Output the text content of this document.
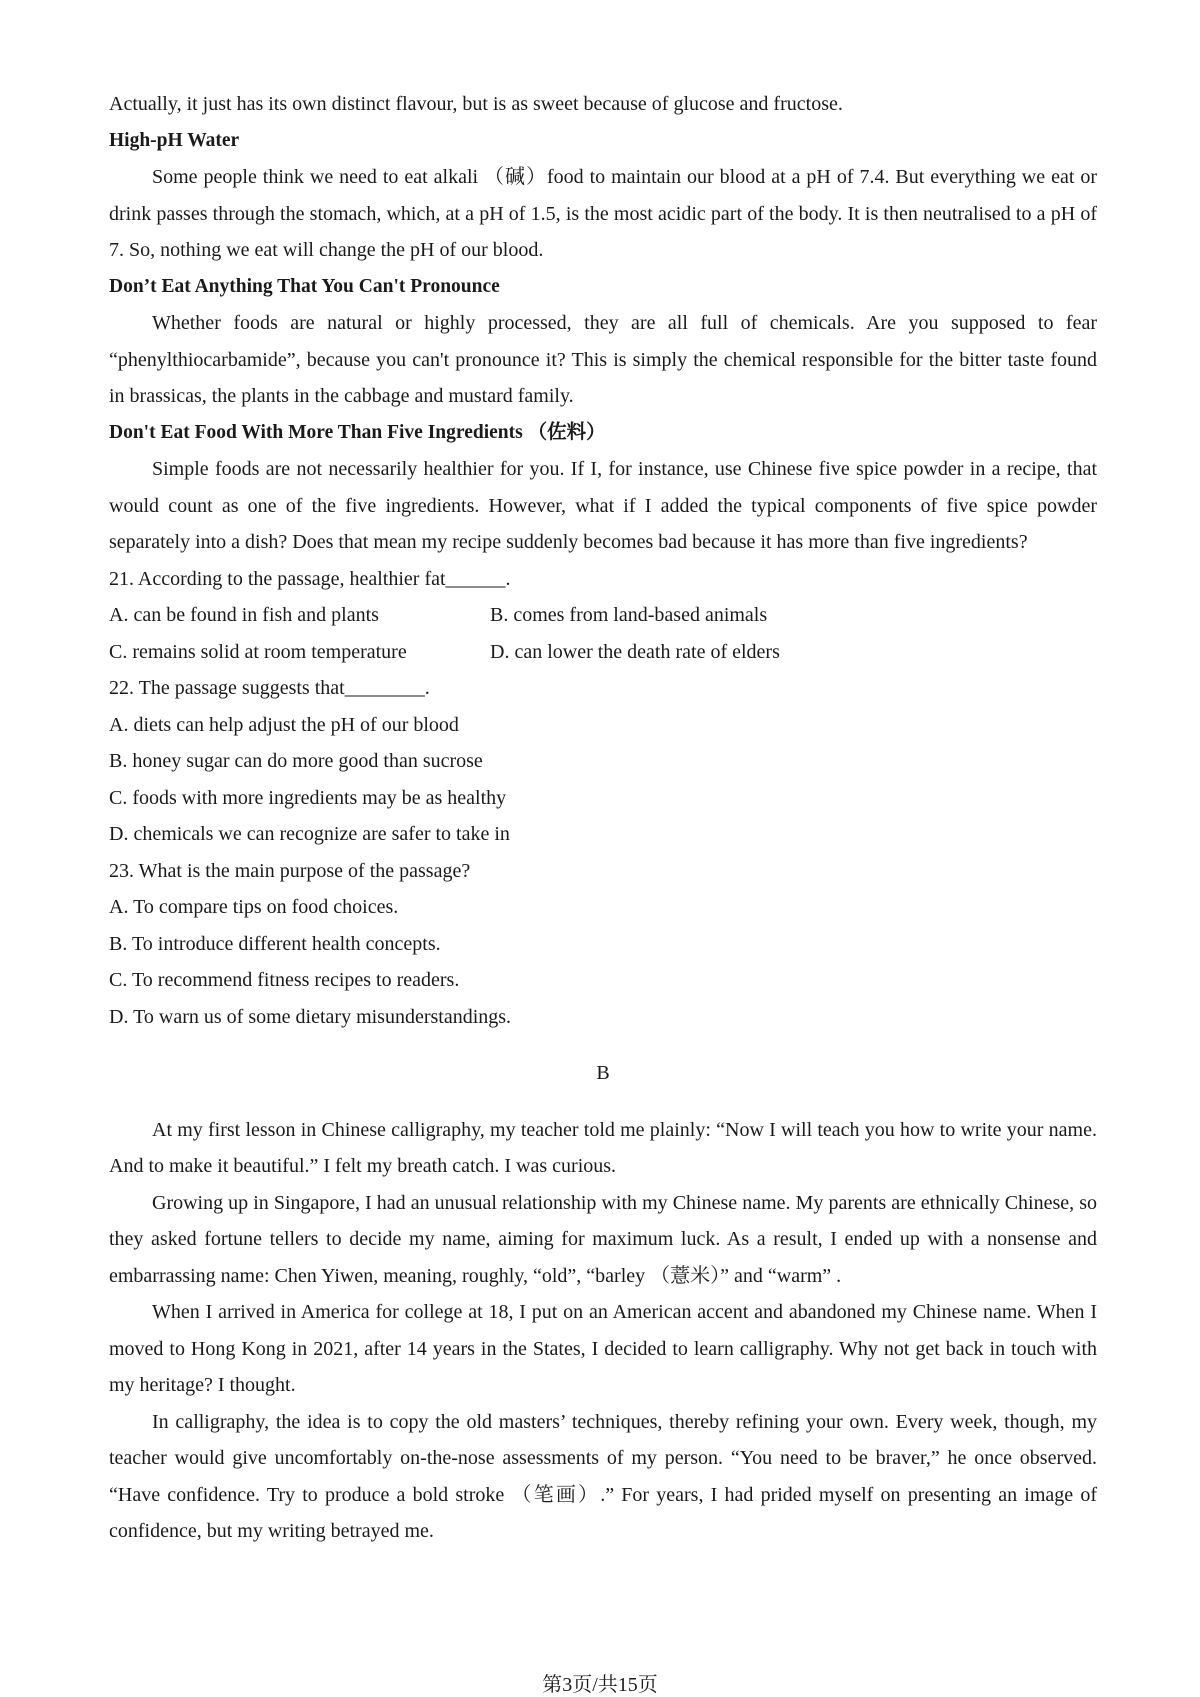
Actually, it just has its own distinct flavour, but is as sweet because of glucose and fructose.

High-pH Water

Some people think we need to eat alkali （碱）food to maintain our blood at a pH of 7.4. But everything we eat or drink passes through the stomach, which, at a pH of 1.5, is the most acidic part of the body. It is then neutralised to a pH of 7. So, nothing we eat will change the pH of our blood.

Don’t Eat Anything That You Can't Pronounce

Whether foods are natural or highly processed, they are all full of chemicals. Are you supposed to fear “phenylthiocarbamide”, because you can't pronounce it? This is simply the chemical responsible for the bitter taste found in brassicas, the plants in the cabbage and mustard family.

Don't Eat Food With More Than Five Ingredients （佐料）

Simple foods are not necessarily healthier for you. If I, for instance, use Chinese five spice powder in a recipe, that would count as one of the five ingredients. However, what if I added the typical components of five spice powder separately into a dish? Does that mean my recipe suddenly becomes bad because it has more than five ingredients?

21. According to the passage, healthier fat______.

A. can be found in fish and plants	B. comes from land-based animals
C. remains solid at room temperature	D. can lower the death rate of elders

22. The passage suggests that________.

A. diets can help adjust the pH of our blood

B. honey sugar can do more good than sucrose

C. foods with more ingredients may be as healthy

D. chemicals we can recognize are safer to take in

23. What is the main purpose of the passage?

A. To compare tips on food choices.

B. To introduce different health concepts.

C. To recommend fitness recipes to readers.

D. To warn us of some dietary misunderstandings.

B

At my first lesson in Chinese calligraphy, my teacher told me plainly: “Now I will teach you how to write your name. And to make it beautiful.” I felt my breath catch. I was curious.

Growing up in Singapore, I had an unusual relationship with my Chinese name. My parents are ethnically Chinese, so they asked fortune tellers to decide my name, aiming for maximum luck. As a result, I ended up with a nonsense and embarrassing name: Chen Yiwen, meaning, roughly, “old”, “barley （薏米）” and “warm” .

When I arrived in America for college at 18, I put on an American accent and abandoned my Chinese name. When I moved to Hong Kong in 2021, after 14 years in the States, I decided to learn calligraphy. Why not get back in touch with my heritage? I thought.

In calligraphy, the idea is to copy the old masters’ techniques, thereby refining your own. Every week, though, my teacher would give uncomfortably on-the-nose assessments of my person. “You need to be braver,” he once observed. “Have confidence. Try to produce a bold stroke （笔画）.” For years, I had prided myself on presenting an image of confidence, but my writing betrayed me.

第3页/共15页
